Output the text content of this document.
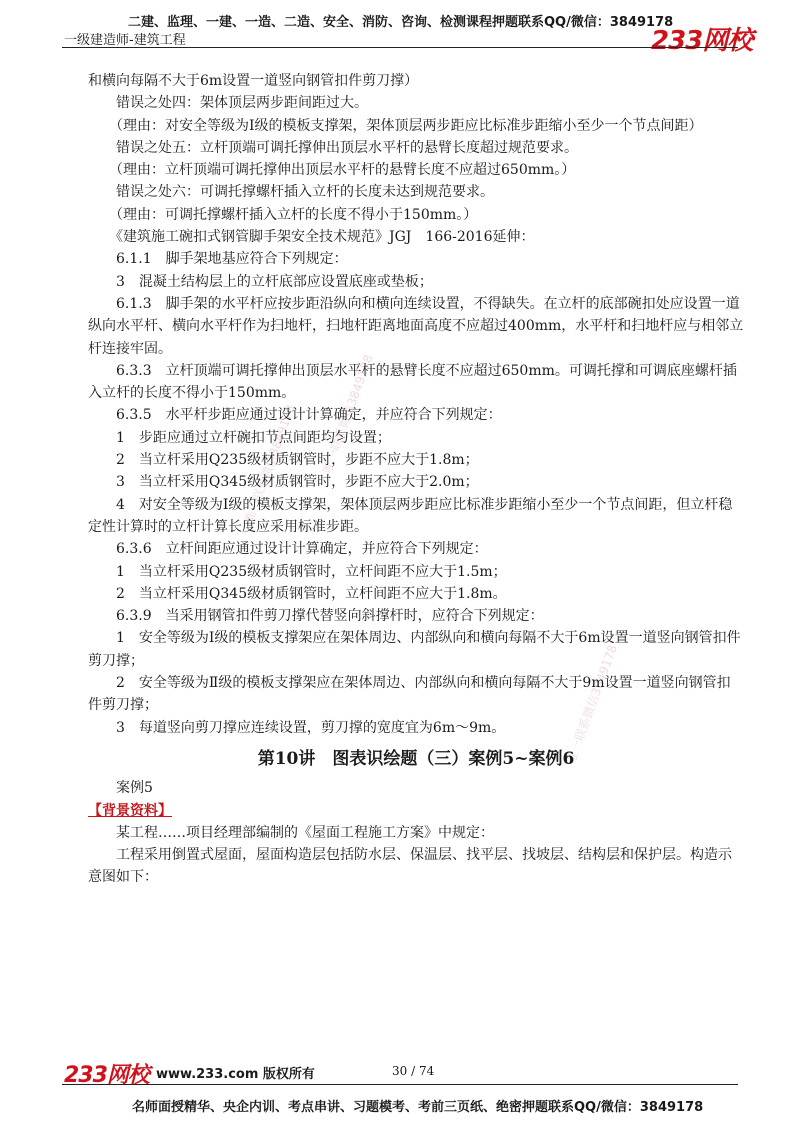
二建、监理、一建、一造、二造、安全、消防、咨询、检测课程押题联系QQ/微信：3849178
一级建造师-建筑工程	233网校
唯一联系微信3849178
唯一联系微信3849178
唯一联系微信3849178

和横向每隔不大于6m设置一道竖向钢管扣件剪刀撑）

　　错误之处四：架体顶层两步距间距过大。

　　（理由：对安全等级为Ⅰ级的模板支撑架，架体顶层两步距应比标准步距缩小至少一个节点间距）

　　错误之处五：立杆顶端可调托撑伸出顶层水平杆的悬臂长度超过规范要求。

　　（理由：立杆顶端可调托撑伸出顶层水平杆的悬臂长度不应超过650mm。）

　　错误之处六：可调托撑螺杆插入立杆的长度未达到规范要求。

　　（理由：可调托撑螺杆插入立杆的长度不得小于150mm。）

　　《建筑施工碗扣式钢管脚手架安全技术规范》JGJ　166-2016延伸：

　　6.1.1　脚手架地基应符合下列规定：

　　3　混凝土结构层上的立杆底部应设置底座或垫板；

　　6.1.3　脚手架的水平杆应按步距沿纵向和横向连续设置，不得缺失。在立杆的底部碗扣处应设置一道纵向水平杆、横向水平杆作为扫地杆，扫地杆距离地面高度不应超过400mm，水平杆和扫地杆应与相邻立杆连接牢固。

　　6.3.3　立杆顶端可调托撑伸出顶层水平杆的悬臂长度不应超过650mm。可调托撑和可调底座螺杆插入立杆的长度不得小于150mm。

　　6.3.5　水平杆步距应通过设计计算确定，并应符合下列规定：

　　1　步距应通过立杆碗扣节点间距均匀设置；

　　2　当立杆采用Q235级材质钢管时，步距不应大于1.8m；

　　3　当立杆采用Q345级材质钢管时，步距不应大于2.0m；

　　4　对安全等级为Ⅰ级的模板支撑架，架体顶层两步距应比标准步距缩小至少一个节点间距，但立杆稳定性计算时的立杆计算长度应采用标准步距。

　　6.3.6　立杆间距应通过设计计算确定，并应符合下列规定：

　　1　当立杆采用Q235级材质钢管时，立杆间距不应大于1.5m；

　　2　当立杆采用Q345级材质钢管时，立杆间距不应大于1.8m。

　　6.3.9　当采用钢管扣件剪刀撑代替竖向斜撑杆时，应符合下列规定：

　　1　安全等级为Ⅰ级的模板支撑架应在架体周边、内部纵向和横向每隔不大于6m设置一道竖向钢管扣件剪刀撑；

　　2　安全等级为Ⅱ级的模板支撑架应在架体周边、内部纵向和横向每隔不大于9m设置一道竖向钢管扣件剪刀撑；

　　3　每道竖向剪刀撑应连续设置，剪刀撑的宽度宜为6m～9m。

第10讲　图表识绘题（三）案例5~案例6

　　案例5

【背景资料】

　　某工程……项目经理部编制的《屋面工程施工方案》中规定：

　　工程采用倒置式屋面，屋面构造层包括防水层、保温层、找平层、找坡层、结构层和保护层。构造示意图如下：

233网校 www.233.com 版权所有	30 / 74
名师面授精华、央企内训、考点串讲、习题模考、考前三页纸、绝密押题联系QQ/微信：3849178
